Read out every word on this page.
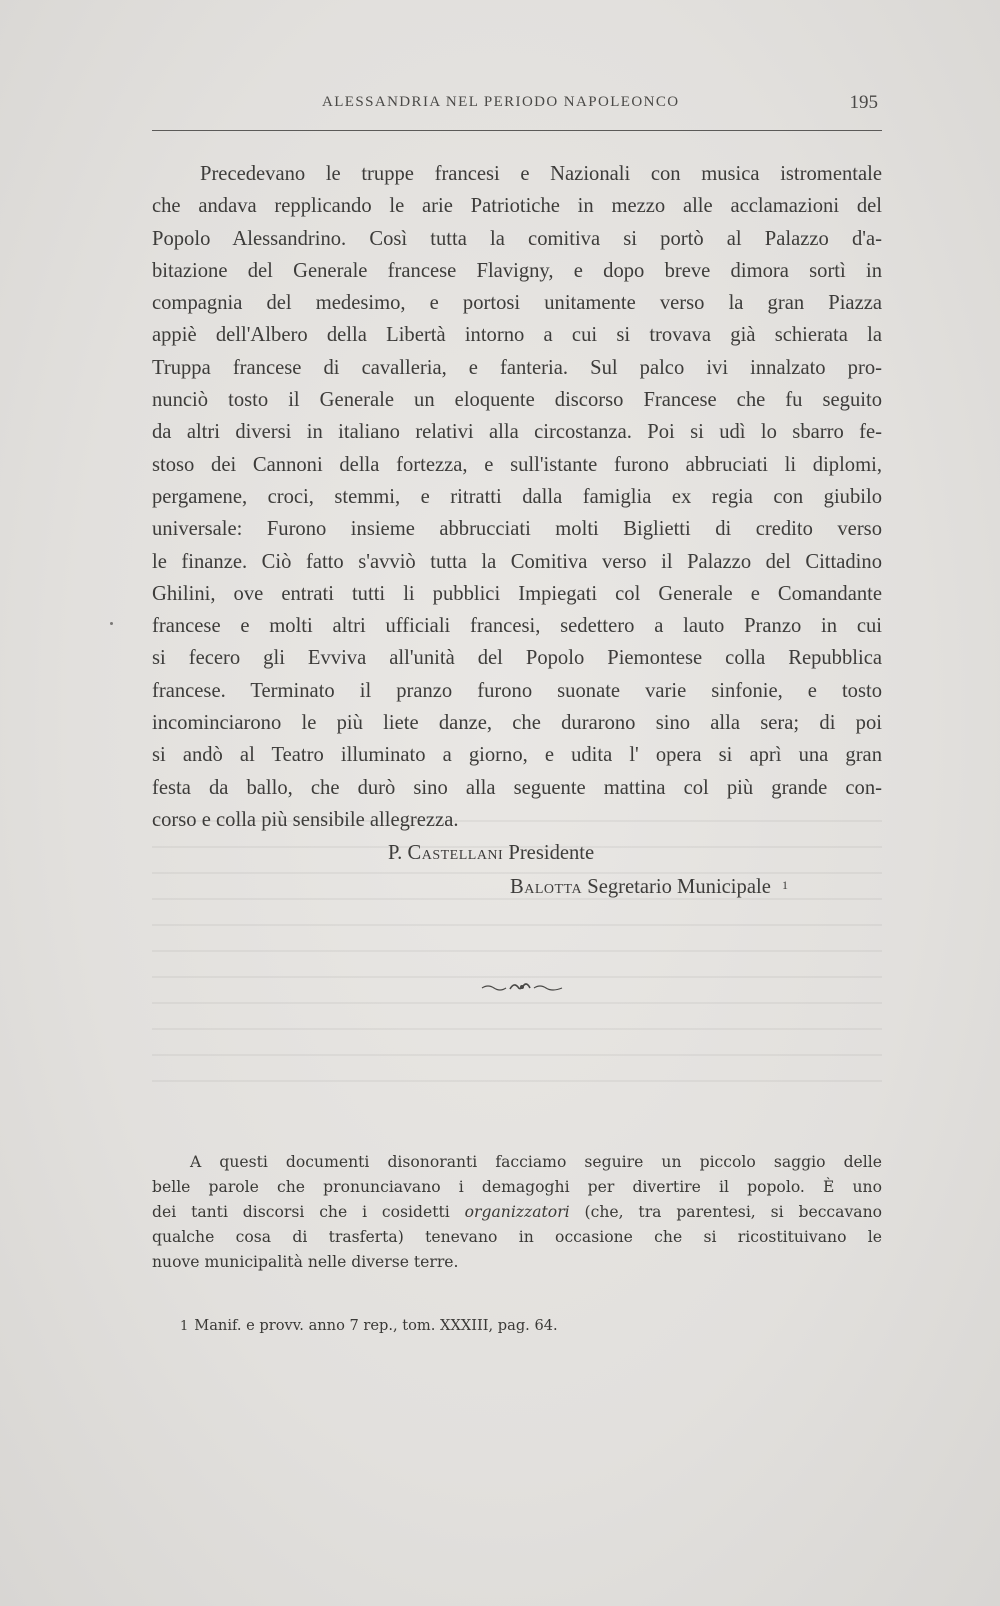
ALESSANDRIA NEL PERIODO NAPOLEONCO	195
Precedevano le truppe francesi e Nazionali con musica istromentale
che andava repplicando le arie Patriotiche in mezzo alle acclamazioni del
Popolo Alessandrino. Così tutta la comitiva si portò al Palazzo d'a-
bitazione del Generale francese Flavigny, e dopo breve dimora sortì in
compagnia del medesimo, e portosi unitamente verso la gran Piazza
appiè dell'Albero della Libertà intorno a cui si trovava già schierata la
Truppa francese di cavalleria, e fanteria. Sul palco ivi innalzato pro-
nunciò tosto il Generale un eloquente discorso Francese che fu seguito
da altri diversi in italiano relativi alla circostanza. Poi si udì lo sbarro fe-
stoso dei Cannoni della fortezza, e sull'istante furono abbruciati li diplomi,
pergamene, croci, stemmi, e ritratti dalla famiglia ex regia con giubilo
universale: Furono insieme abbrucciati molti Biglietti di credito verso
le finanze. Ciò fatto s'avviò tutta la Comitiva verso il Palazzo del Cittadino
Ghilini, ove entrati tutti li pubblici Impiegati col Generale e Comandante
francese e molti altri ufficiali francesi, sedettero a lauto Pranzo in cui
si fecero gli Evviva all'unità del Popolo Piemontese colla Repubblica
francese. Terminato il pranzo furono suonate varie sinfonie, e tosto
incominciarono le più liete danze, che durarono sino alla sera; di poi
si andò al Teatro illuminato a giorno, e udita l' opera si aprì una gran
festa da ballo, che durò sino alla seguente mattina col più grande con-
corso e colla più sensibile allegrezza.
P. Castellani Presidente
Balotta Segretario Municipale 1
A questi documenti disonoranti facciamo seguire un piccolo saggio delle
belle parole che pronunciavano i demagoghi per divertire il popolo. È uno
dei tanti discorsi che i cosidetti organizzatori (che, tra parentesi, si beccavano
qualche cosa di trasferta) tenevano in occasione che si ricostituivano le
nuove municipalità nelle diverse terre.
1 Manif. e provv. anno 7 rep., tom. XXXIII, pag. 64.
